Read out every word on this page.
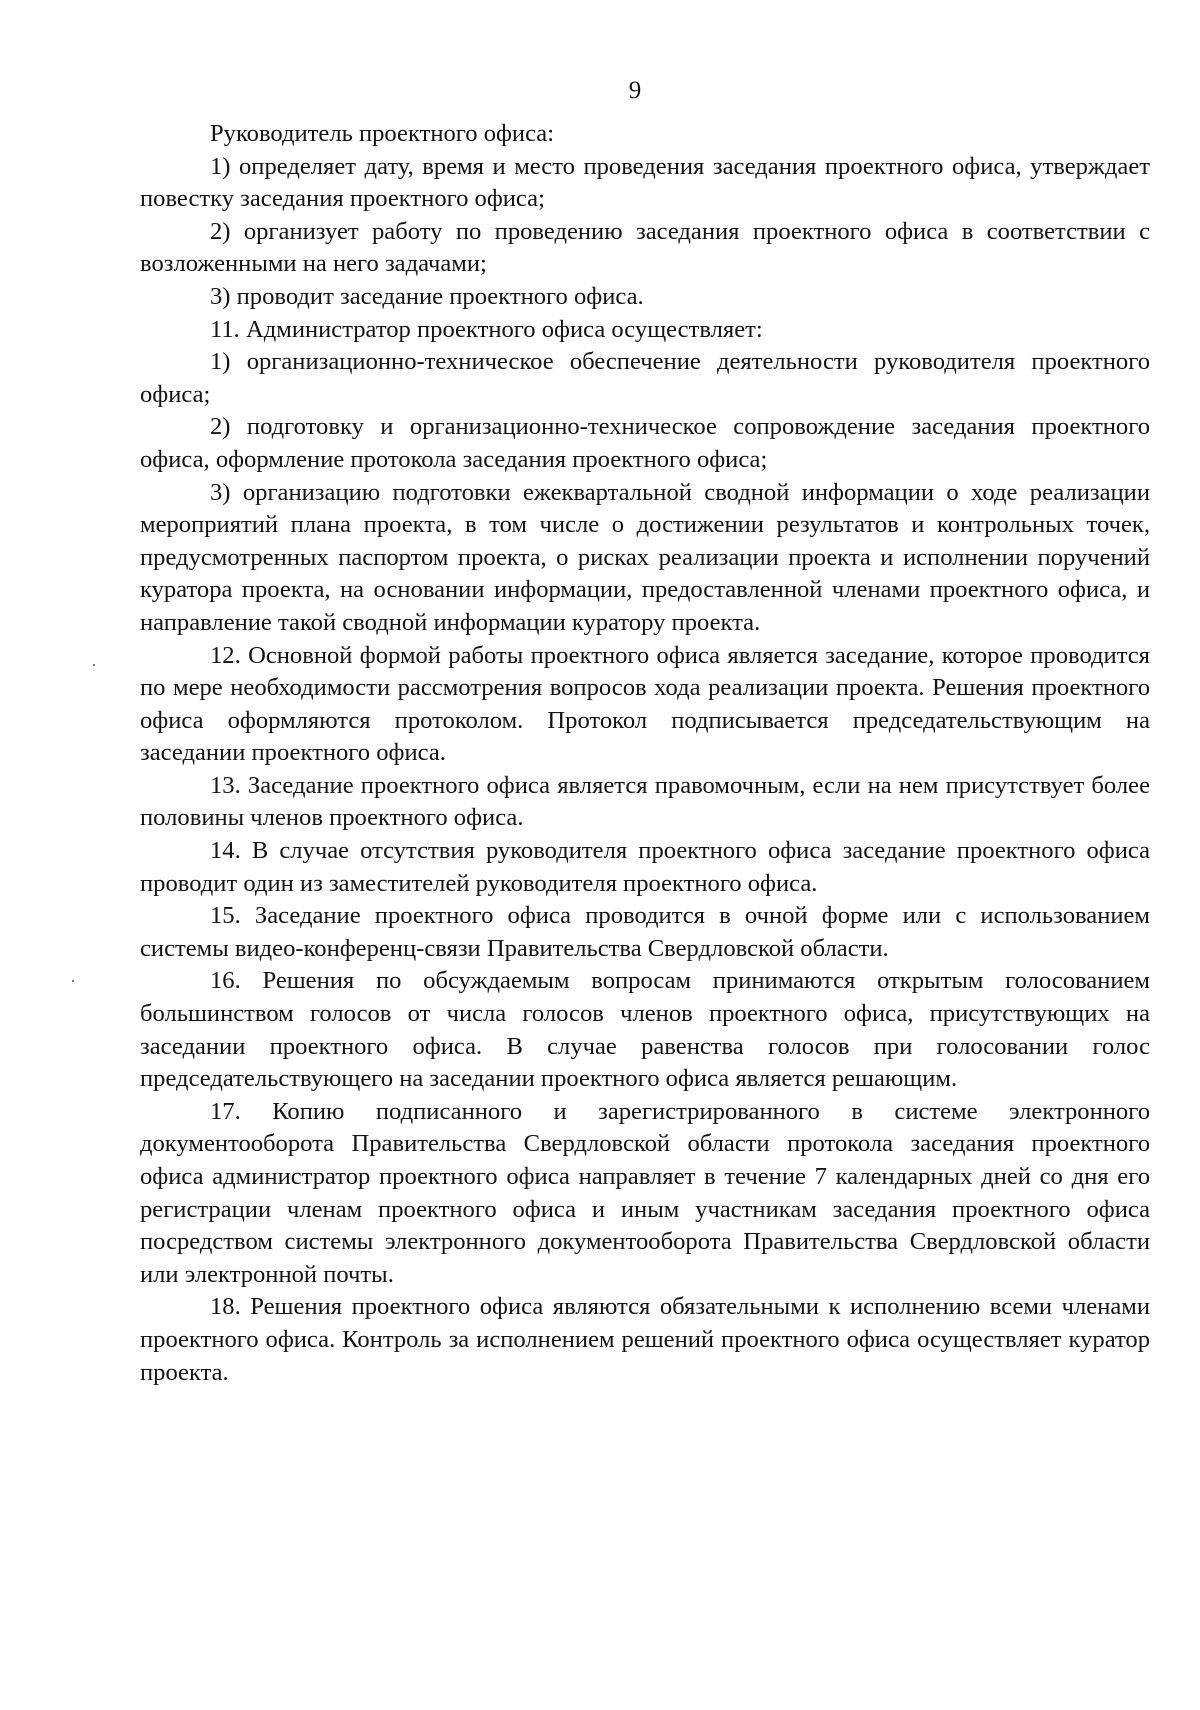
9

Руководитель проектного офиса:

1) определяет дату, время и место проведения заседания проектного офиса, утверждает повестку заседания проектного офиса;

2) организует работу по проведению заседания проектного офиса в соответствии с возложенными на него задачами;

3) проводит заседание проектного офиса.

11. Администратор проектного офиса осуществляет:

1) организационно-техническое обеспечение деятельности руководителя проектного офиса;

2) подготовку и организационно-техническое сопровождение заседания проектного офиса, оформление протокола заседания проектного офиса;

3) организацию подготовки ежеквартальной сводной информации о ходе реализации мероприятий плана проекта, в том числе о достижении результатов и контрольных точек, предусмотренных паспортом проекта, о рисках реализации проекта и исполнении поручений куратора проекта, на основании информации, предоставленной членами проектного офиса, и направление такой сводной информации куратору проекта.

12. Основной формой работы проектного офиса является заседание, которое проводится по мере необходимости рассмотрения вопросов хода реализации проекта. Решения проектного офиса оформляются протоколом. Протокол подписывается председательствующим на заседании проектного офиса.

13. Заседание проектного офиса является правомочным, если на нем присутствует более половины членов проектного офиса.

14. В случае отсутствия руководителя проектного офиса заседание проектного офиса проводит один из заместителей руководителя проектного офиса.

15. Заседание проектного офиса проводится в очной форме или с использованием системы видео-конференц-связи Правительства Свердловской области.

16. Решения по обсуждаемым вопросам принимаются открытым голосованием большинством голосов от числа голосов членов проектного офиса, присутствующих на заседании проектного офиса. В случае равенства голосов при голосовании голос председательствующего на заседании проектного офиса является решающим.

17. Копию подписанного и зарегистрированного в системе электронного документооборота Правительства Свердловской области протокола заседания проектного офиса администратор проектного офиса направляет в течение 7 календарных дней со дня его регистрации членам проектного офиса и иным участникам заседания проектного офиса посредством системы электронного документооборота Правительства Свердловской области или электронной почты.

18. Решения проектного офиса являются обязательными к исполнению всеми членами проектного офиса. Контроль за исполнением решений проектного офиса осуществляет куратор проекта.
